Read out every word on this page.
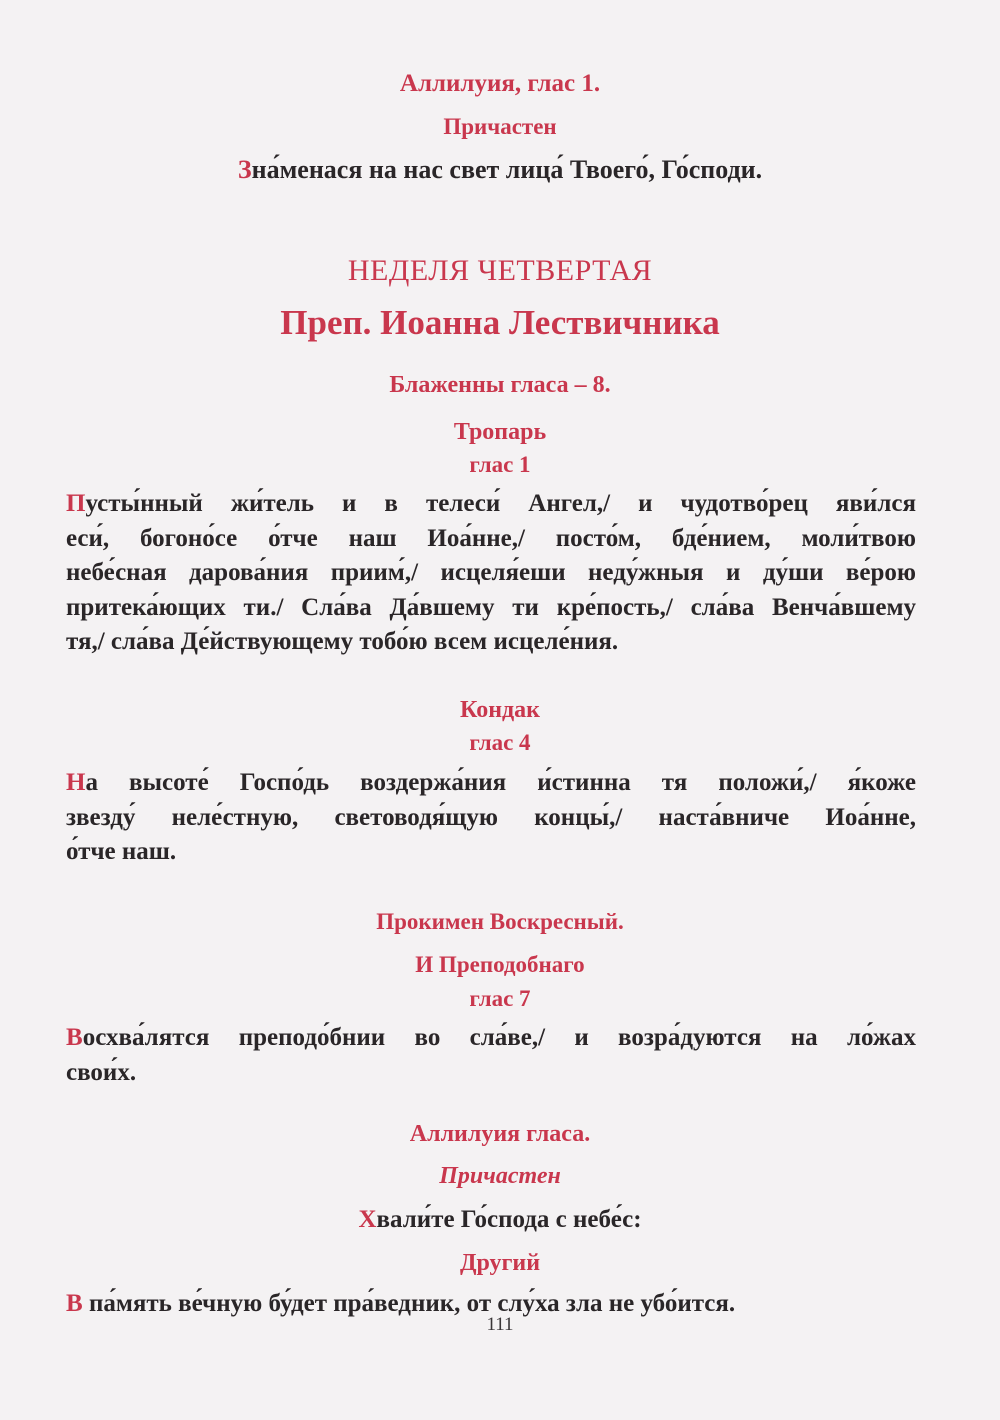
Аллилуия, глас 1.
Причастен
Зна́менася на нас свет лица́ Твоего́, Го́споди.
НЕДЕЛЯ ЧЕТВЕРТАЯ
Преп. Иоанна Лествичника
Блаженны гласа – 8.
Тропарь
глас 1
Пусты́нный жи́тель и в телеси́ Ангел,/ и чудотво́рец яви́лся
еси́, богоно́се о́тче наш Иоа́нне,/ посто́м, бде́нием, моли́твою
небе́сная дарова́ния приим́,/ исцеля́еши неду́жныя и ду́ши ве́рою
притека́ющих ти./ Сла́ва Да́вшему ти кре́пость,/ сла́ва Венча́вшему
тя,/ сла́ва Де́йствующему тобо́ю всем исцеле́ния.
Кондак
глас 4
На высоте́ Госпо́дь воздержа́ния и́стинна тя положи́,/ я́коже
звезду́ неле́стную, световодя́щую концы́,/ наста́вниче Иоа́нне,
о́тче наш.
Прокимен Воскресный.
И Преподобнаго
глас 7
Восхва́лятся преподо́бнии во сла́ве,/ и возра́дуются на ло́жах
свои́х.
Аллилуия гласа.
Причастен
Хвали́те Го́спода с небе́с:
Другий
В па́мять ве́чную бу́дет пра́ведник, от слу́ха зла не убо́ится.
111
